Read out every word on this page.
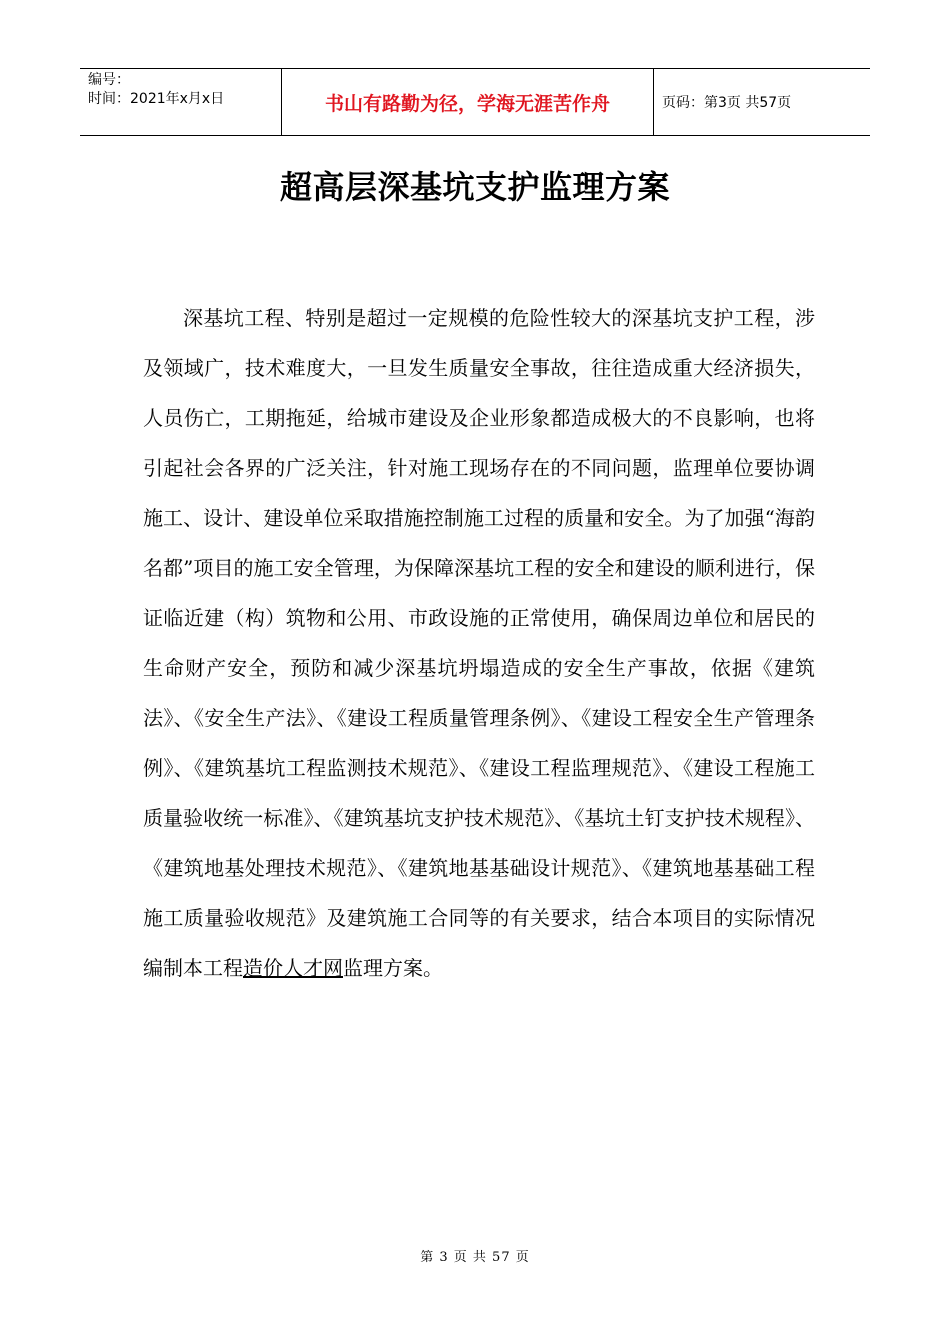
编号：
时间：2021年x月x日	书山有路勤为径，学海无涯苦作舟	页码：第3页 共57页
超高层深基坑支护监理方案

深基坑工程、特别是超过一定规模的危险性较大的深基坑支护工程，涉及领域广，技术难度大，一旦发生质量安全事故，往往造成重大经济损失，人员伤亡，工期拖延，给城市建设及企业形象都造成极大的不良影响，也将引起社会各界的广泛关注，针对施工现场存在的不同问题，监理单位要协调施工、设计、建设单位采取措施控制施工过程的质量和安全。为了加强“海韵名都”项目的施工安全管理，为保障深基坑工程的安全和建设的顺利进行，保证临近建（构）筑物和公用、市政设施的正常使用，确保周边单位和居民的生命财产安全，预防和减少深基坑坍塌造成的安全生产事故，依据《建筑法》、《安全生产法》、《建设工程质量管理条例》、《建设工程安全生产管理条例》、《建筑基坑工程监测技术规范》、《建设工程监理规范》、《建设工程施工质量验收统一标准》、《建筑基坑支护技术规范》、《基坑土钉支护技术规程》、《建筑地基处理技术规范》、《建筑地基基础设计规范》、《建筑地基基础工程施工质量验收规范》及建筑施工合同等的有关要求，结合本项目的实际情况编制本工程造价人才网监理方案。

第 3 页 共 57 页
